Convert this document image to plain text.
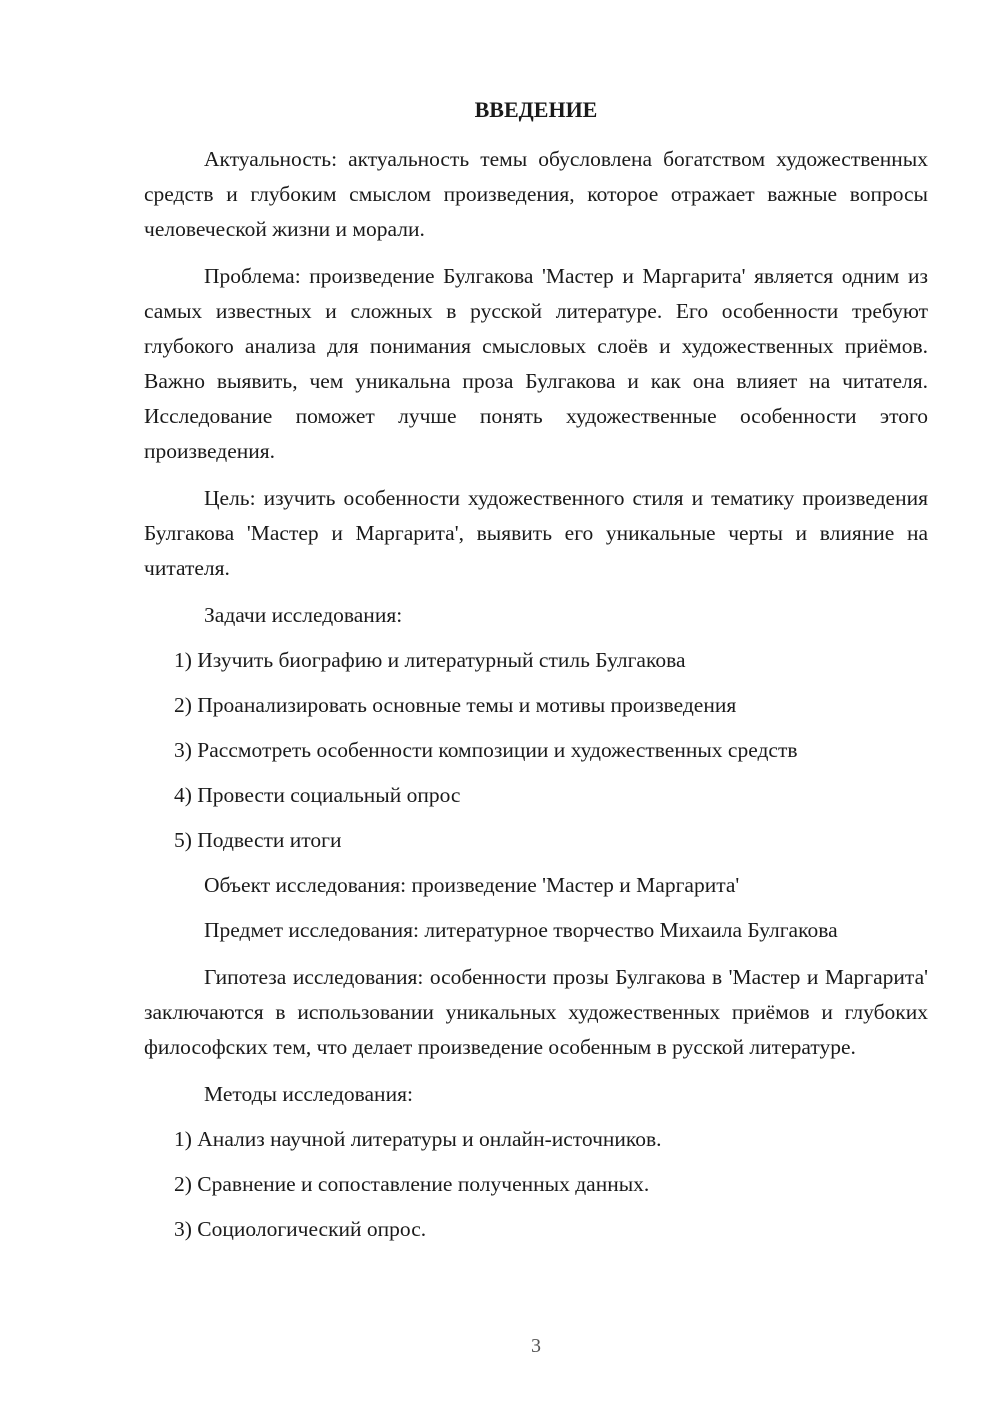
ВВЕДЕНИЕ

Актуальность: актуальность темы обусловлена богатством художественных средств и глубоким смыслом произведения, которое отражает важные вопросы человеческой жизни и морали.

Проблема: произведение Булгакова 'Мастер и Маргарита' является одним из самых известных и сложных в русской литературе. Его особенности требуют глубокого анализа для понимания смысловых слоёв и художественных приёмов. Важно выявить, чем уникальна проза Булгакова и как она влияет на читателя. Исследование поможет лучше понять художественные особенности этого произведения.

Цель: изучить особенности художественного стиля и тематику произведения Булгакова 'Мастер и Маргарита', выявить его уникальные черты и влияние на читателя.

Задачи исследования:

1) Изучить биографию и литературный стиль Булгакова

2) Проанализировать основные темы и мотивы произведения

3) Рассмотреть особенности композиции и художественных средств

4) Провести социальный опрос

5) Подвести итоги

Объект исследования: произведение 'Мастер и Маргарита'

Предмет исследования: литературное творчество Михаила Булгакова

Гипотеза исследования: особенности прозы Булгакова в 'Мастер и Маргарита' заключаются в использовании уникальных художественных приёмов и глубоких философских тем, что делает произведение особенным в русской литературе.

Методы исследования:

1) Анализ научной литературы и онлайн-источников.

2) Сравнение и сопоставление полученных данных.

3) Социологический опрос.

3
